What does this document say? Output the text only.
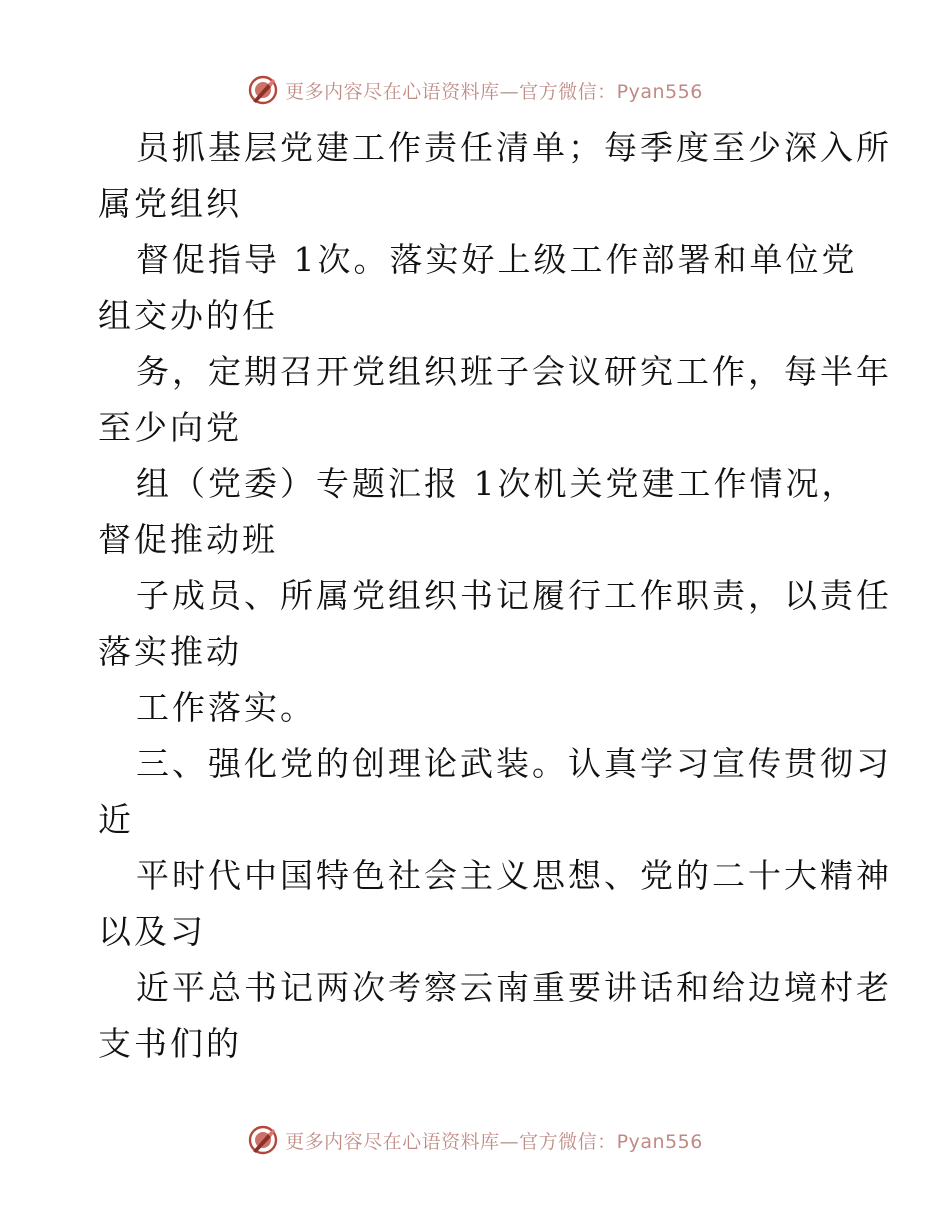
更多内容尽在心语资料库—官方微信：Pyan556
员抓基层党建工作责任清单；每季度至少深入所
属党组织
督促指导 1次。落实好上级工作部署和单位党
组交办的任
务，定期召开党组织班子会议研究工作，每半年
至少向党
组（党委）专题汇报 1次机关党建工作情况，
督促推动班
子成员、所属党组织书记履行工作职责，以责任
落实推动
工作落实。
三、强化党的创理论武装。认真学习宣传贯彻习
近
平时代中国特色社会主义思想、党的二十大精神
以及习
近平总书记两次考察云南重要讲话和给边境村老
支书们的
更多内容尽在心语资料库—官方微信：Pyan556
